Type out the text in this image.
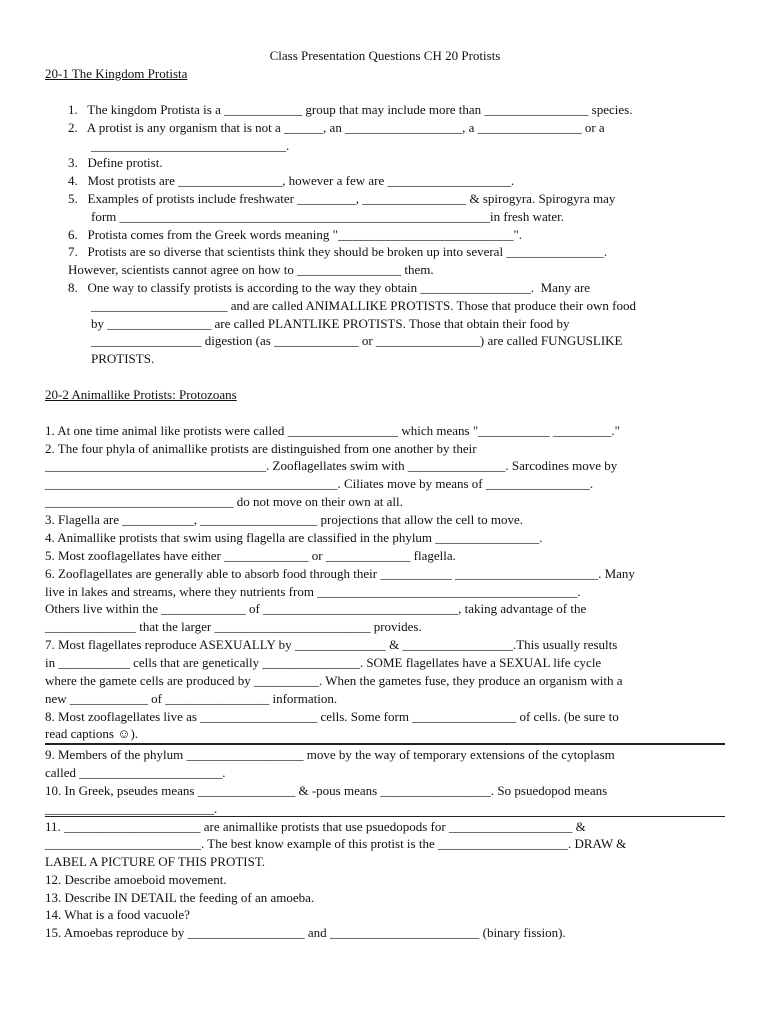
Class Presentation Questions CH 20 Protists
20-1 The Kingdom Protista
1.   The kingdom Protista is a ____________ group that may include more than ________________ species.
2.   A protist is any organism that is not a ______, an __________________, a ________________ or a
______________________________.
3.   Define protist.
4.   Most protists are ________________, however a few are ___________________.
5.   Examples of protists include freshwater _________, ________________ & spirogyra. Spirogyra may
form _________________________________________________________in fresh water.
6.   Protista comes from the Greek words meaning "___________________________".
7.   Protists are so diverse that scientists think they should be broken up into several _______________.
However, scientists cannot agree on how to ________________ them.
8.   One way to classify protists is according to the way they obtain _________________.  Many are
_____________________ and are called ANIMALLIKE PROTISTS. Those that produce their own food
by ________________ are called PLANTLIKE PROTISTS. Those that obtain their food by
_________________ digestion (as _____________ or ________________) are called FUNGUSLIKE
PROTISTS.
20-2 Animallike Protists: Protozoans
1. At one time animal like protists were called _________________ which means "___________ _________."
2. The four phyla of animallike protists are distinguished from one another by their
__________________________________. Zooflagellates swim with _______________. Sarcodines move by
_____________________________________________. Ciliates move by means of ________________.
_____________________________ do not move on their own at all.
3. Flagella are ___________, __________________ projections that allow the cell to move.
4. Animallike protists that swim using flagella are classified in the phylum ________________.
5. Most zooflagellates have either _____________ or _____________ flagella.
6. Zooflagellates are generally able to absorb food through their ___________ ______________________. Many
live in lakes and streams, where they nutrients from ________________________________________.
Others live within the _____________ of ______________________________, taking advantage of the
______________ that the larger ________________________ provides.
7. Most flagellates reproduce ASEXUALLY by ______________ & _________________.This usually results
in ___________ cells that are genetically _______________. SOME flagellates have a SEXUAL life cycle
where the gamete cells are produced by __________. When the gametes fuse, they produce an organism with a
new ____________ of ________________ information.
8. Most zooflagellates live as __________________ cells. Some form ________________ of cells. (be sure to
read captions ☺).
9. Members of the phylum __________________ move by the way of temporary extensions of the cytoplasm
called ______________________.
10. In Greek, pseudes means _______________ & -pous means _________________. So psuedopod means
__________________________.
11. _____________________ are animallike protists that use psuedopods for ___________________ &
________________________. The best know example of this protist is the ____________________. DRAW &
LABEL A PICTURE OF THIS PROTIST.
12. Describe amoeboid movement.
13. Describe IN DETAIL the feeding of an amoeba.
14. What is a food vacuole?
15. Amoebas reproduce by __________________ and _______________________ (binary fission).
